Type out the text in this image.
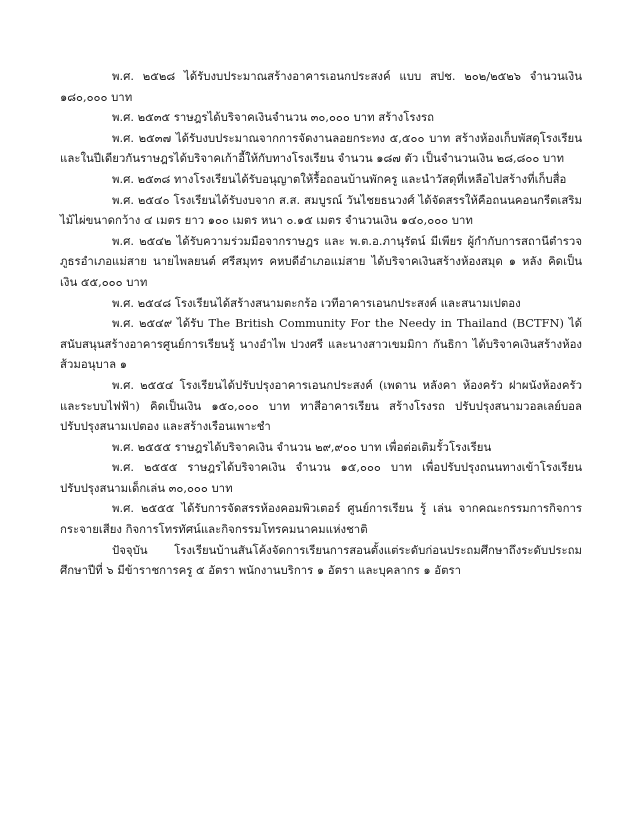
พ.ศ. ๒๕๒๘ ได้รับงบประมาณสร้างอาคารเอนกประสงค์ แบบ สปช. ๒๐๒/๒๕๒๖ จำนวนเงิน ๑๘๐,๐๐๐ บาท

พ.ศ. ๒๕๓๕ ราษฎรได้บริจาคเงินจำนวน ๓๐,๐๐๐ บาท สร้างโรงรถ

พ.ศ. ๒๕๓๗ ได้รับงบประมาณจากการจัดงานลอยกระทง ๕,๕๐๐ บาท สร้างห้องเก็บพัสดุโรงเรียนและในปีเดียวกันราษฎรได้บริจาคเก้าอี้ให้กับทางโรงเรียน จำนวน ๑๘๗ ตัว เป็นจำนวนเงิน ๒๘,๘๐๐ บาท

พ.ศ. ๒๕๓๘ ทางโรงเรียนได้รับอนุญาตให้รื้อถอนบ้านพักครู และนำวัสดุที่เหลือไปสร้างที่เก็บสื่อ

พ.ศ. ๒๕๔๐ โรงเรียนได้รับงบจาก ส.ส. สมบูรณ์ วันไชยธนวงศ์ ได้จัดสรรให้คือถนนคอนกรีตเสริมไม้ไผ่ขนาดกว้าง ๔ เมตร ยาว ๑๐๐ เมตร หนา ๐.๑๕ เมตร จำนวนเงิน ๑๔๐,๐๐๐ บาท

พ.ศ. ๒๕๔๒ ได้รับความร่วมมือจากราษฎร และ พ.ต.อ.ภานุรัตน์ มีเพียร ผู้กำกับการสถานีตำรวจภูธรอำเภอแม่สาย นายไพลยนต์ ศรีสมุทร คหบดีอำเภอแม่สาย ได้บริจาคเงินสร้างห้องสมุด ๑ หลัง คิดเป็นเงิน ๕๕,๐๐๐ บาท

พ.ศ. ๒๕๔๘ โรงเรียนได้สร้างสนามตะกร้อ เวทีอาคารเอนกประสงค์ และสนามเปตอง

พ.ศ. ๒๕๔๙ ได้รับ The British Community For the Needy in Thailand (BCTFN) ได้สนับสนุนสร้างอาคารศูนย์การเรียนรู้ นางอำไพ ปวงศรี และนางสาวเขมมิกา กันธิกา ได้บริจาคเงินสร้างห้องส้วมอนุบาล ๑

พ.ศ. ๒๕๕๔ โรงเรียนได้ปรับปรุงอาคารเอนกประสงค์ (เพดาน หลังคา ห้องครัว ฝาผนังห้องครัว และระบบไฟฟ้า) คิดเป็นเงิน ๑๕๐,๐๐๐ บาท ทาสีอาคารเรียน สร้างโรงรถ ปรับปรุงสนามวอลเลย์บอล ปรับปรุงสนามเปตอง และสร้างเรือนเพาะชำ

พ.ศ. ๒๕๕๕ ราษฎรได้บริจาคเงิน จำนวน ๒๙,๙๐๐ บาท เพื่อต่อเติมรั้วโรงเรียน

พ.ศ. ๒๕๕๕ ราษฎรได้บริจาคเงิน จำนวน ๑๕,๐๐๐ บาท เพื่อปรับปรุงถนนทางเข้าโรงเรียน ปรับปรุงสนามเด็กเล่น ๓๐,๐๐๐ บาท

พ.ศ. ๒๕๕๕ ได้รับการจัดสรรห้องคอมพิวเตอร์ ศูนย์การเรียน รู้ เล่น จากคณะกรรมการกิจการกระจายเสียง กิจการโทรทัศน์และกิจกรรมโทรคมนาคมแห่งชาติ

ปัจจุบัน โรงเรียนบ้านสันโค้งจัดการเรียนการสอนตั้งแต่ระดับก่อนประถมศึกษาถึงระดับประถมศึกษาปีที่ ๖ มีข้าราชการครู ๕ อัตรา พนักงานบริการ ๑ อัตรา และบุคลากร ๑ อัตรา
